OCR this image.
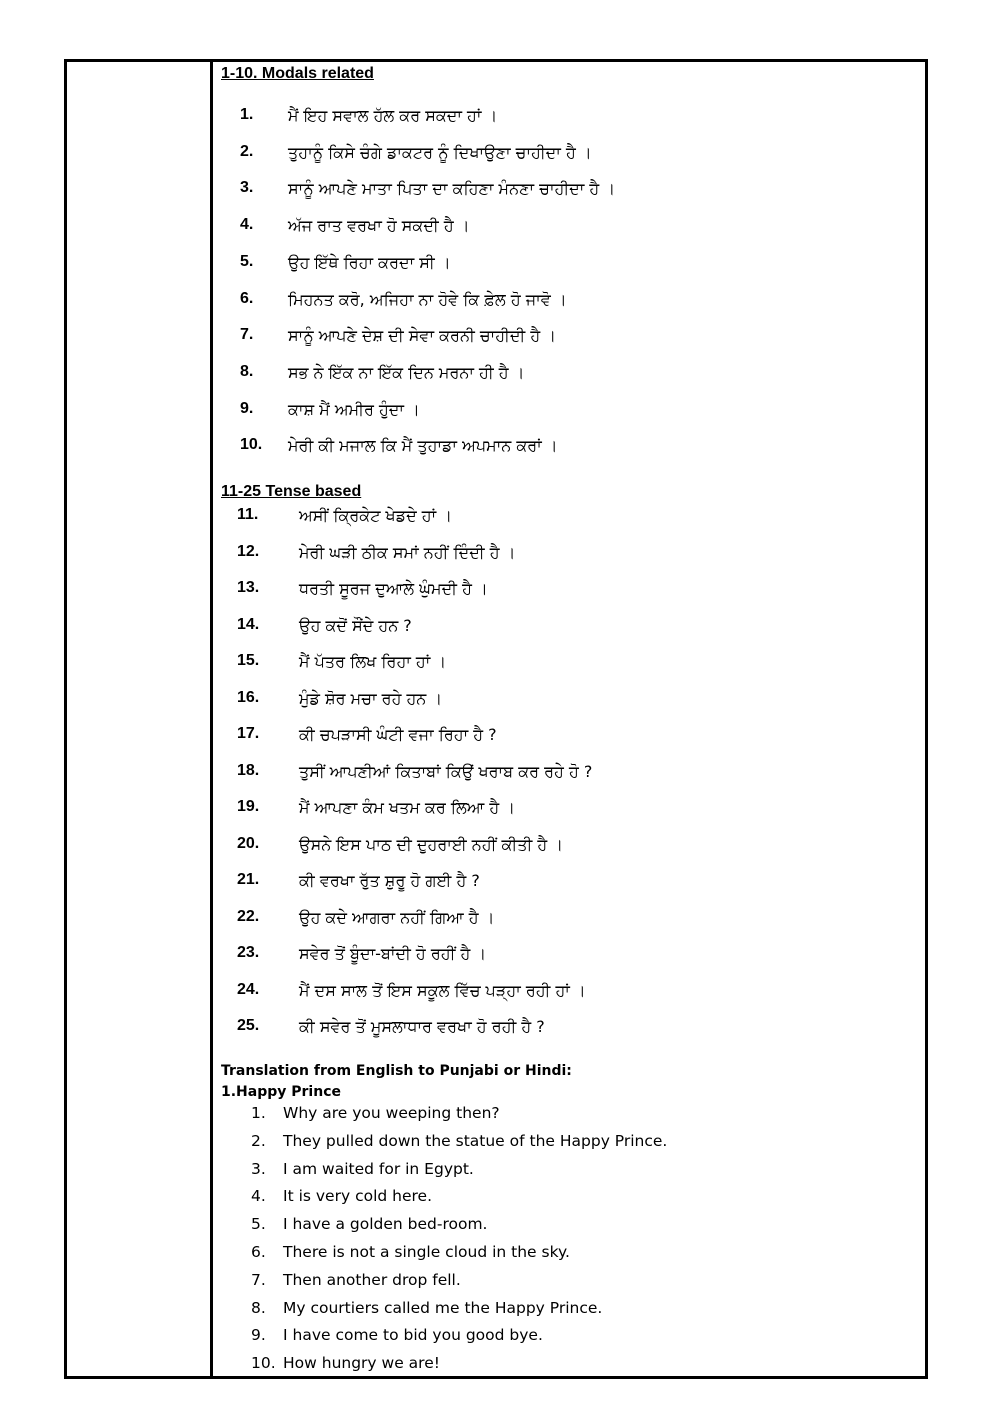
1-10. Modals related
1. ਮੈਂ ਇਹ ਸਵਾਲ ਹੱਲ ਕਰ ਸਕਦਾ ਹਾਂ ।
2. ਤੁਹਾਨੂੰ ਕਿਸੇ ਚੰਗੇ ਡਾਕਟਰ ਨੂੰ ਦਿਖਾਉਣਾ ਚਾਹੀਦਾ ਹੈ ।
3. ਸਾਨੂੰ ਆਪਣੇ ਮਾਤਾ ਪਿਤਾ ਦਾ ਕਹਿਣਾ ਮੰਨਣਾ ਚਾਹੀਦਾ ਹੈ ।
4. ਅੱਜ ਰਾਤ ਵਰਖਾ ਹੋ ਸਕਦੀ ਹੈ ।
5. ਉਹ ਇੱਥੇ ਰਿਹਾ ਕਰਦਾ ਸੀ ।
6. ਮਿਹਨਤ ਕਰੋ, ਅਜਿਹਾ ਨਾ ਹੋਵੇ ਕਿ ਫ਼ੇਲ ਹੋ ਜਾਵੋ ।
7. ਸਾਨੂੰ ਆਪਣੇ ਦੇਸ਼ ਦੀ ਸੇਵਾ ਕਰਨੀ ਚਾਹੀਦੀ ਹੈ ।
8. ਸਭ ਨੇ ਇੱਕ ਨਾ ਇੱਕ ਦਿਨ ਮਰਨਾ ਹੀ ਹੈ ।
9. ਕਾਸ਼ ਮੈਂ ਅਮੀਰ ਹੁੰਦਾ ।
10. ਮੇਰੀ ਕੀ ਮਜਾਲ ਕਿ ਮੈਂ ਤੁਹਾਡਾ ਅਪਮਾਨ ਕਰਾਂ ।
11-25 Tense based
11.	ਅਸੀਂ ਕ੍ਰਿਕੇਟ ਖੇਡਦੇ ਹਾਂ ।
12. ਮੇਰੀ ਘੜੀ ਠੀਕ ਸਮਾਂ ਨਹੀਂ ਦਿੰਦੀ ਹੈ ।
13. ਧਰਤੀ ਸੂਰਜ ਦੁਆਲੇ ਘੁੰਮਦੀ ਹੈ ।
14. ਉਹ ਕਦੋਂ ਸੌਂਦੇ ਹਨ ?
15. ਮੈਂ ਪੱਤਰ ਲਿਖ ਰਿਹਾ ਹਾਂ ।
16. ਮੁੰਡੇ ਸ਼ੋਰ ਮਚਾ ਰਹੇ ਹਨ ।
17. ਕੀ ਚਪੜਾਸੀ ਘੰਟੀ ਵਜਾ ਰਿਹਾ ਹੈ ?
18. ਤੁਸੀਂ ਆਪਣੀਆਂ ਕਿਤਾਬਾਂ ਕਿਉਂ ਖਰਾਬ ਕਰ ਰਹੇ ਹੋ ?
19. ਮੈਂ ਆਪਣਾ ਕੰਮ ਖਤਮ ਕਰ ਲਿਆ ਹੈ ।
20. ਉਸਨੇ ਇਸ ਪਾਠ ਦੀ ਦੁਹਰਾਈ ਨਹੀਂ ਕੀਤੀ ਹੈ ।
21. ਕੀ ਵਰਖਾ ਰੁੱਤ ਸ਼ੁਰੂ ਹੋ ਗਈ ਹੈ ?
22. ਉਹ ਕਦੇ ਆਗਰਾ ਨਹੀਂ ਗਿਆ ਹੈ ।
23. ਸਵੇਰ ਤੋਂ ਬੂੰਦਾ-ਬਾਂਦੀ ਹੋ ਰਹੀਂ ਹੈ ।
24. ਮੈਂ ਦਸ ਸਾਲ ਤੋਂ ਇਸ ਸਕੂਲ ਵਿੱਚ ਪੜ੍ਹਾ ਰਹੀ ਹਾਂ ।
25. ਕੀ ਸਵੇਰ ਤੋਂ ਮੂਸਲਾਧਾਰ ਵਰਖਾ ਹੋ ਰਹੀ ਹੈ ?
Translation from English to Punjabi or Hindi:
1.Happy Prince
1. Why are you weeping then?
2. They pulled down the statue of the Happy Prince.
3. I am waited for in Egypt.
4. It is very cold here.
5. I have a golden bed-room.
6. There is not a single cloud in the sky.
7. Then another drop fell.
8. My courtiers called me the Happy Prince.
9. I have come to bid you good bye.
10. How hungry we are!
